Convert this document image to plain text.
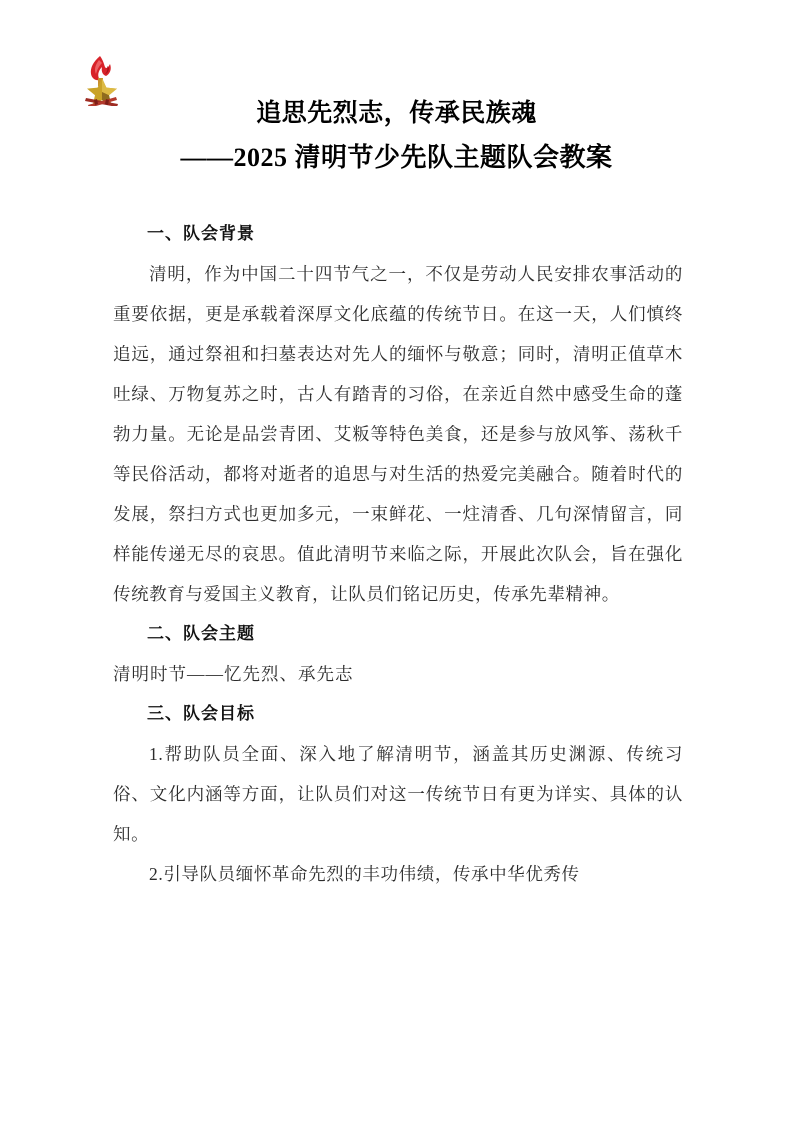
追思先烈志，传承民族魂
——2025 清明节少先队主题队会教案
一、队会背景
清明，作为中国二十四节气之一，不仅是劳动人民安排农事活动的重要依据，更是承载着深厚文化底蕴的传统节日。在这一天，人们慎终追远，通过祭祖和扫墓表达对先人的缅怀与敬意；同时，清明正值草木吐绿、万物复苏之时，古人有踏青的习俗，在亲近自然中感受生命的蓬勃力量。无论是品尝青团、艾粄等特色美食，还是参与放风筝、荡秋千等民俗活动，都将对逝者的追思与对生活的热爱完美融合。随着时代的发展，祭扫方式也更加多元，一束鲜花、一炷清香、几句深情留言，同样能传递无尽的哀思。值此清明节来临之际，开展此次队会，旨在强化传统教育与爱国主义教育，让队员们铭记历史，传承先辈精神。
二、队会主题
清明时节——忆先烈、承先志
三、队会目标
1.帮助队员全面、深入地了解清明节，涵盖其历史渊源、传统习俗、文化内涵等方面，让队员们对这一传统节日有更为详实、具体的认知。
2.引导队员缅怀革命先烈的丰功伟绩，传承中华优秀传
